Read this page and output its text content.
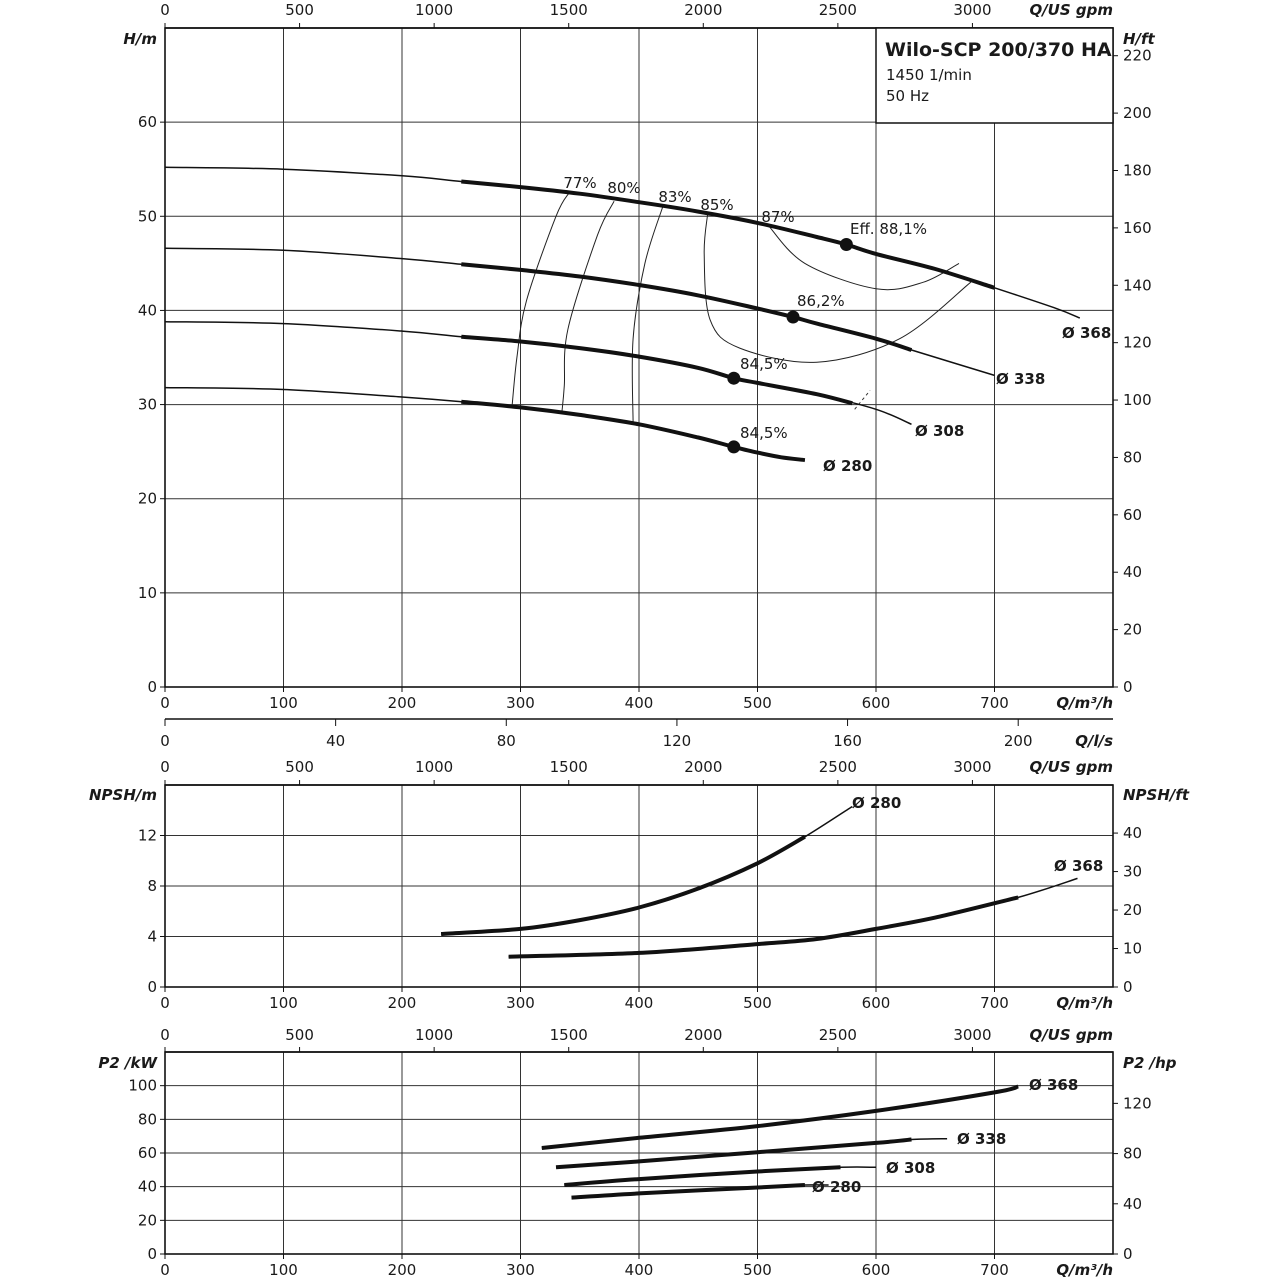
0	100	200	300	400	500	600	700	Q/m³/h
0	500	1000	1500	2000	2500	3000	Q/US gpm
0
10
20
30
40
50
60
0
20
40
60
80
100
120
140
160
180
200
220
77% 80% 83% 85%
87%
Ø 368
Ø 338
Ø 308
Ø 280
Eff. 88,1%
86,2%
84,5%
84,5%
Wilo-SCP 200/370 HA
1450 1/min
50 Hz
H/m	H/ft
0	40	80	120	160	200	Q/l/s
0	100	200	300	400	500	600	700	Q/m³/h
0	500	1000	1500	2000	2500	3000	Q/US gpm
0
4
8
12
0
10
20
30
40
Ø 280
Ø 368
NPSH/m	NPSH/ft
0	100	200	300	400	500	600	700	Q/m³/h
0	500	1000	1500	2000	2500	3000	Q/US gpm
0
20
40
60
80
100
0
40
80
120
Ø 368
Ø 338
Ø 308
Ø 280
P2 /kW	P2 /hp
